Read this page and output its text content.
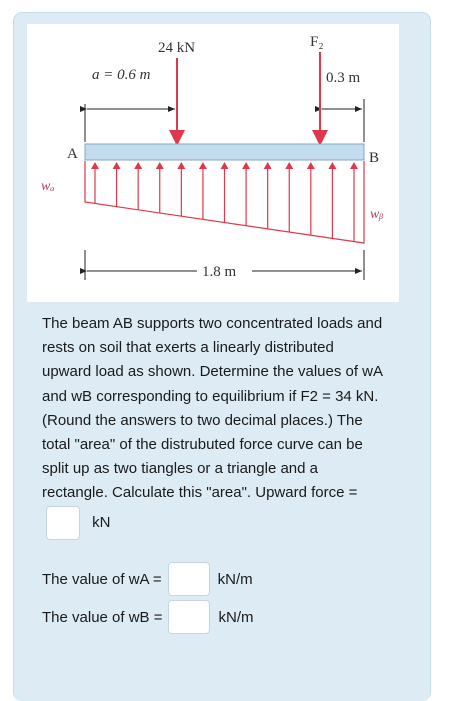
24 kN	F₂
a = 0.6 m	0.3 m
A	B
wₐ
wᵦ
1.8 m

The beam AB supports two concentrated loads and rests on soil that exerts a linearly distributed upward load as shown. Determine the values of wA and wB corresponding to equilibrium if F2 = 34 kN. (Round the answers to two decimal places.) The total "area" of the distrubuted force curve can be split up as two tiangles or a triangle and a rectangle. Calculate this "area". Upward force =  kN

The value of wA =	kN/m
The value of wB =	kN/m
